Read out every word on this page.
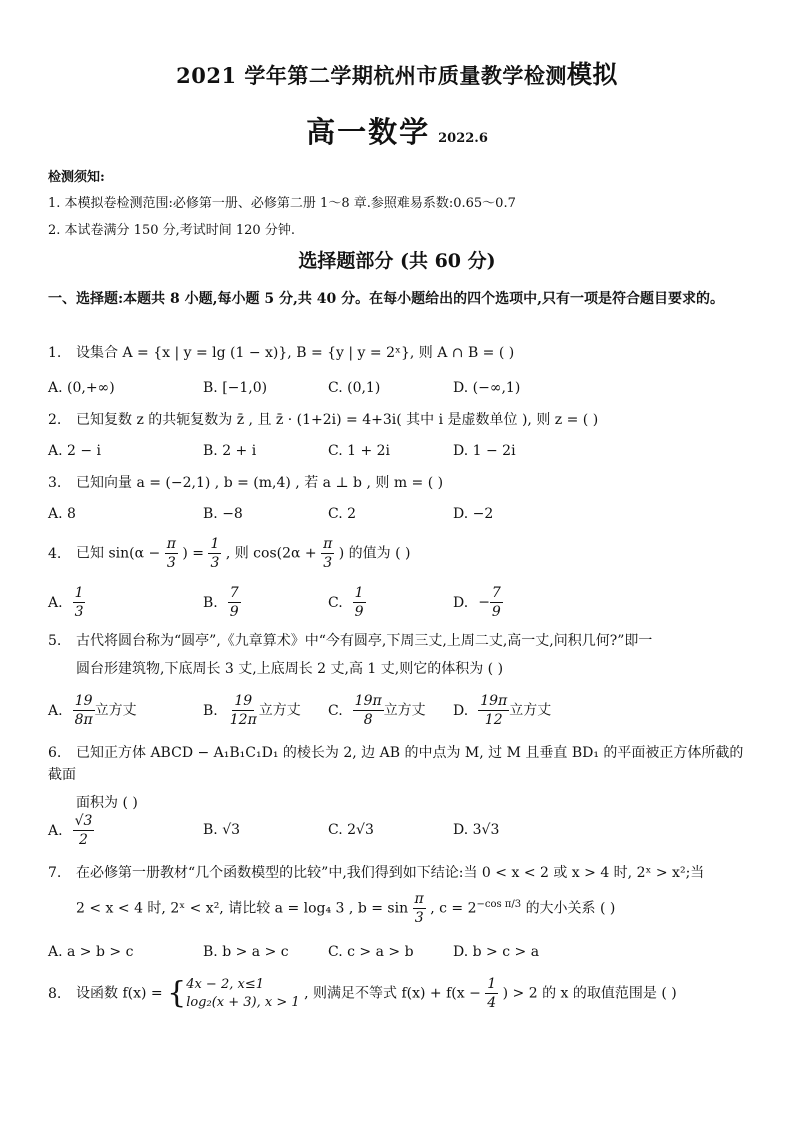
2021 学年第二学期杭州市质量教学检测模拟
高一数学 2022.6
检测须知:
1. 本模拟卷检测范围:必修第一册、必修第二册 1～8 章.参照难易系数:0.65～0.7
2. 本试卷满分 150 分,考试时间 120 分钟.
选择题部分 (共 60 分)
一、选择题:本题共 8 小题,每小题 5 分,共 40 分。在每小题给出的四个选项中,只有一项是符合题目要求的。
1. 设集合 A = {x | y = lg (1 − x)}, B = {y | y = 2ˣ}, 则 A ∩ B = ( )
A. (0,+∞)	B. [−1,0)	C. (0,1)	D. (−∞,1)
2. 已知复数 z 的共轭复数为 z̄ , 且 z̄ · (1+2i) = 4+3i( 其中 i 是虚数单位 ), 则 z = ( )
A. 2 − i	B. 2 + i	C. 1 + 2i	D. 1 − 2i
3. 已知向量 a = (−2,1) , b = (m,4) , 若 a ⊥ b , 则 m = ( )
A. 8	B. −8	C. 2	D. −2
4. 已知 $\sin(\alpha - \frac{\pi}{3}$ ) = $\frac{1}{3}$ , 则 $\cos(2\alpha + \frac{\pi}{3}$ ) 的值为 ( )
A. $\frac{1}{3}$	B. $\frac{7}{9}$	C. $\frac{1}{9}$	D. − $\frac{7}{9}$
5. 古代将圆台称为“圆亭”,《九章算术》中“今有圆亭,下周三丈,上周二丈,高一丈,问积几何?”即一
圆台形建筑物,下底周长 3 丈,上底周长 2 丈,高 1 丈,则它的体积为 ( )
A. $\frac{19}{8\pi}$ 立方丈	B. $\frac{19}{12\pi}$ 立方丈 C. $\frac{19\pi}{8}$ 立方丈 D. $\frac{19\pi}{12}$ 立方丈
6. 已知正方体 ABCD − A₁B₁C₁D₁ 的棱长为 2, 边 AB 的中点为 M, 过 M 且垂直 BD₁ 的平面被正方体所截的截面
面积为 ( )
A. $\frac{√3}{2}$	B. √3	C. 2√3	D. 3√3
7. 在必修第一册教材“几个函数模型的比较”中,我们得到如下结论:当 0 < x < 2 或 x > 4 时, 2ˣ > x²;当
2 < x < 4 时, 2ˣ < x², 请比较 a = log₄ 3 , $b = \sin \frac{\pi}{3}$ , $c = 2^{-cos \pi/3}$ 的大小关系 ( )
A. a > b > c	B. b > a > c	C. c > a > b	D. b > c > a
8. 设函数 f(x) = { 4x − 2, x≤1
log₂(x + 3), x > 1
, 则满足不等式 $f(x) + f(x - \frac{1}{4}$ ) > 2 的 x 的取值范围是 ( )
